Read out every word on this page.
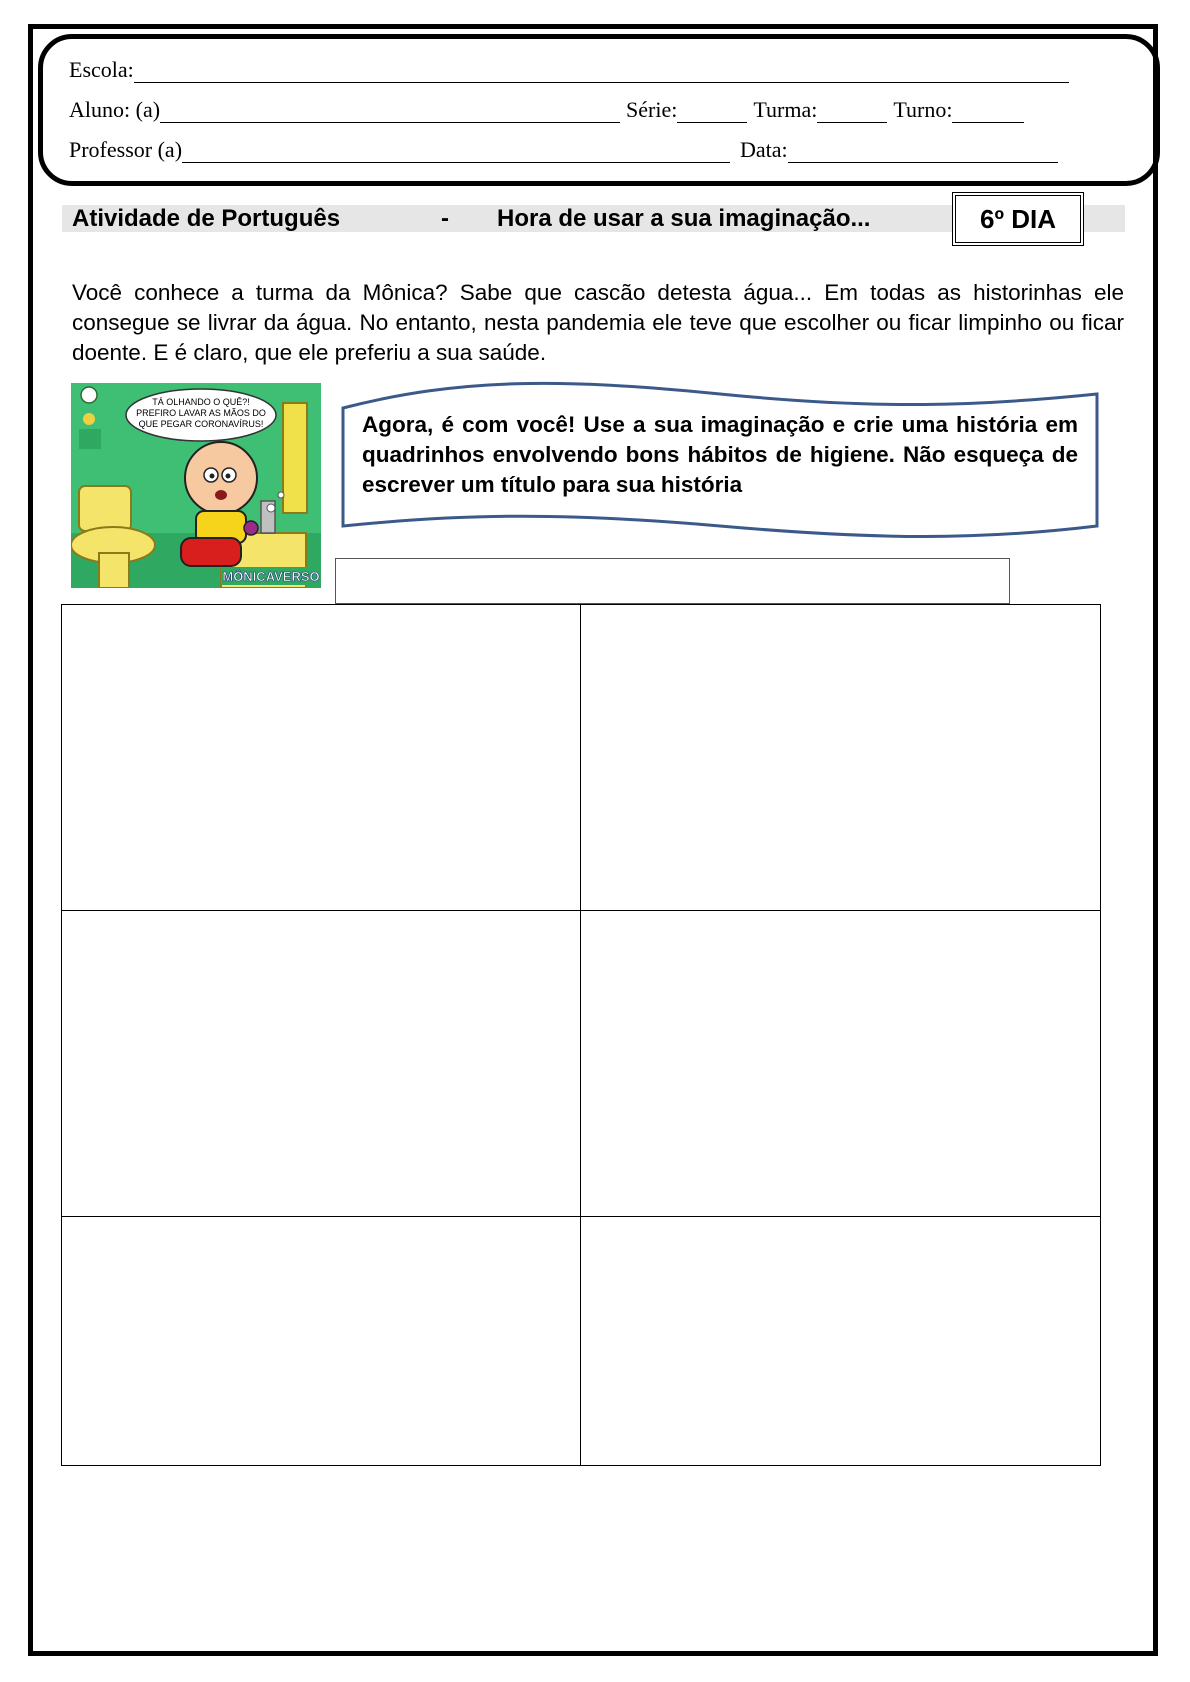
Escola:
Aluno: (a)	Série:	Turma:	Turno:
Professor (a)	Data:
Atividade de Português	- Hora de usar a sua imaginação...	6º DIA
Você conhece a turma da Mônica? Sabe que cascão detesta água... Em todas as historinhas ele consegue se livrar da água. No entanto, nesta pandemia ele teve que escolher ou ficar limpinho ou ficar doente. E é claro, que ele preferiu a sua saúde.
TÁ OLHANDO O QUÊ?!
PREFIRO LAVAR AS MÃOS DO
QUE PEGAR CORONAVÍRUS!
MÔNICAVERSO
Agora, é com você! Use a sua imaginação e crie uma história em quadrinhos envolvendo bons hábitos de higiene. Não esqueça de escrever um título para sua história
